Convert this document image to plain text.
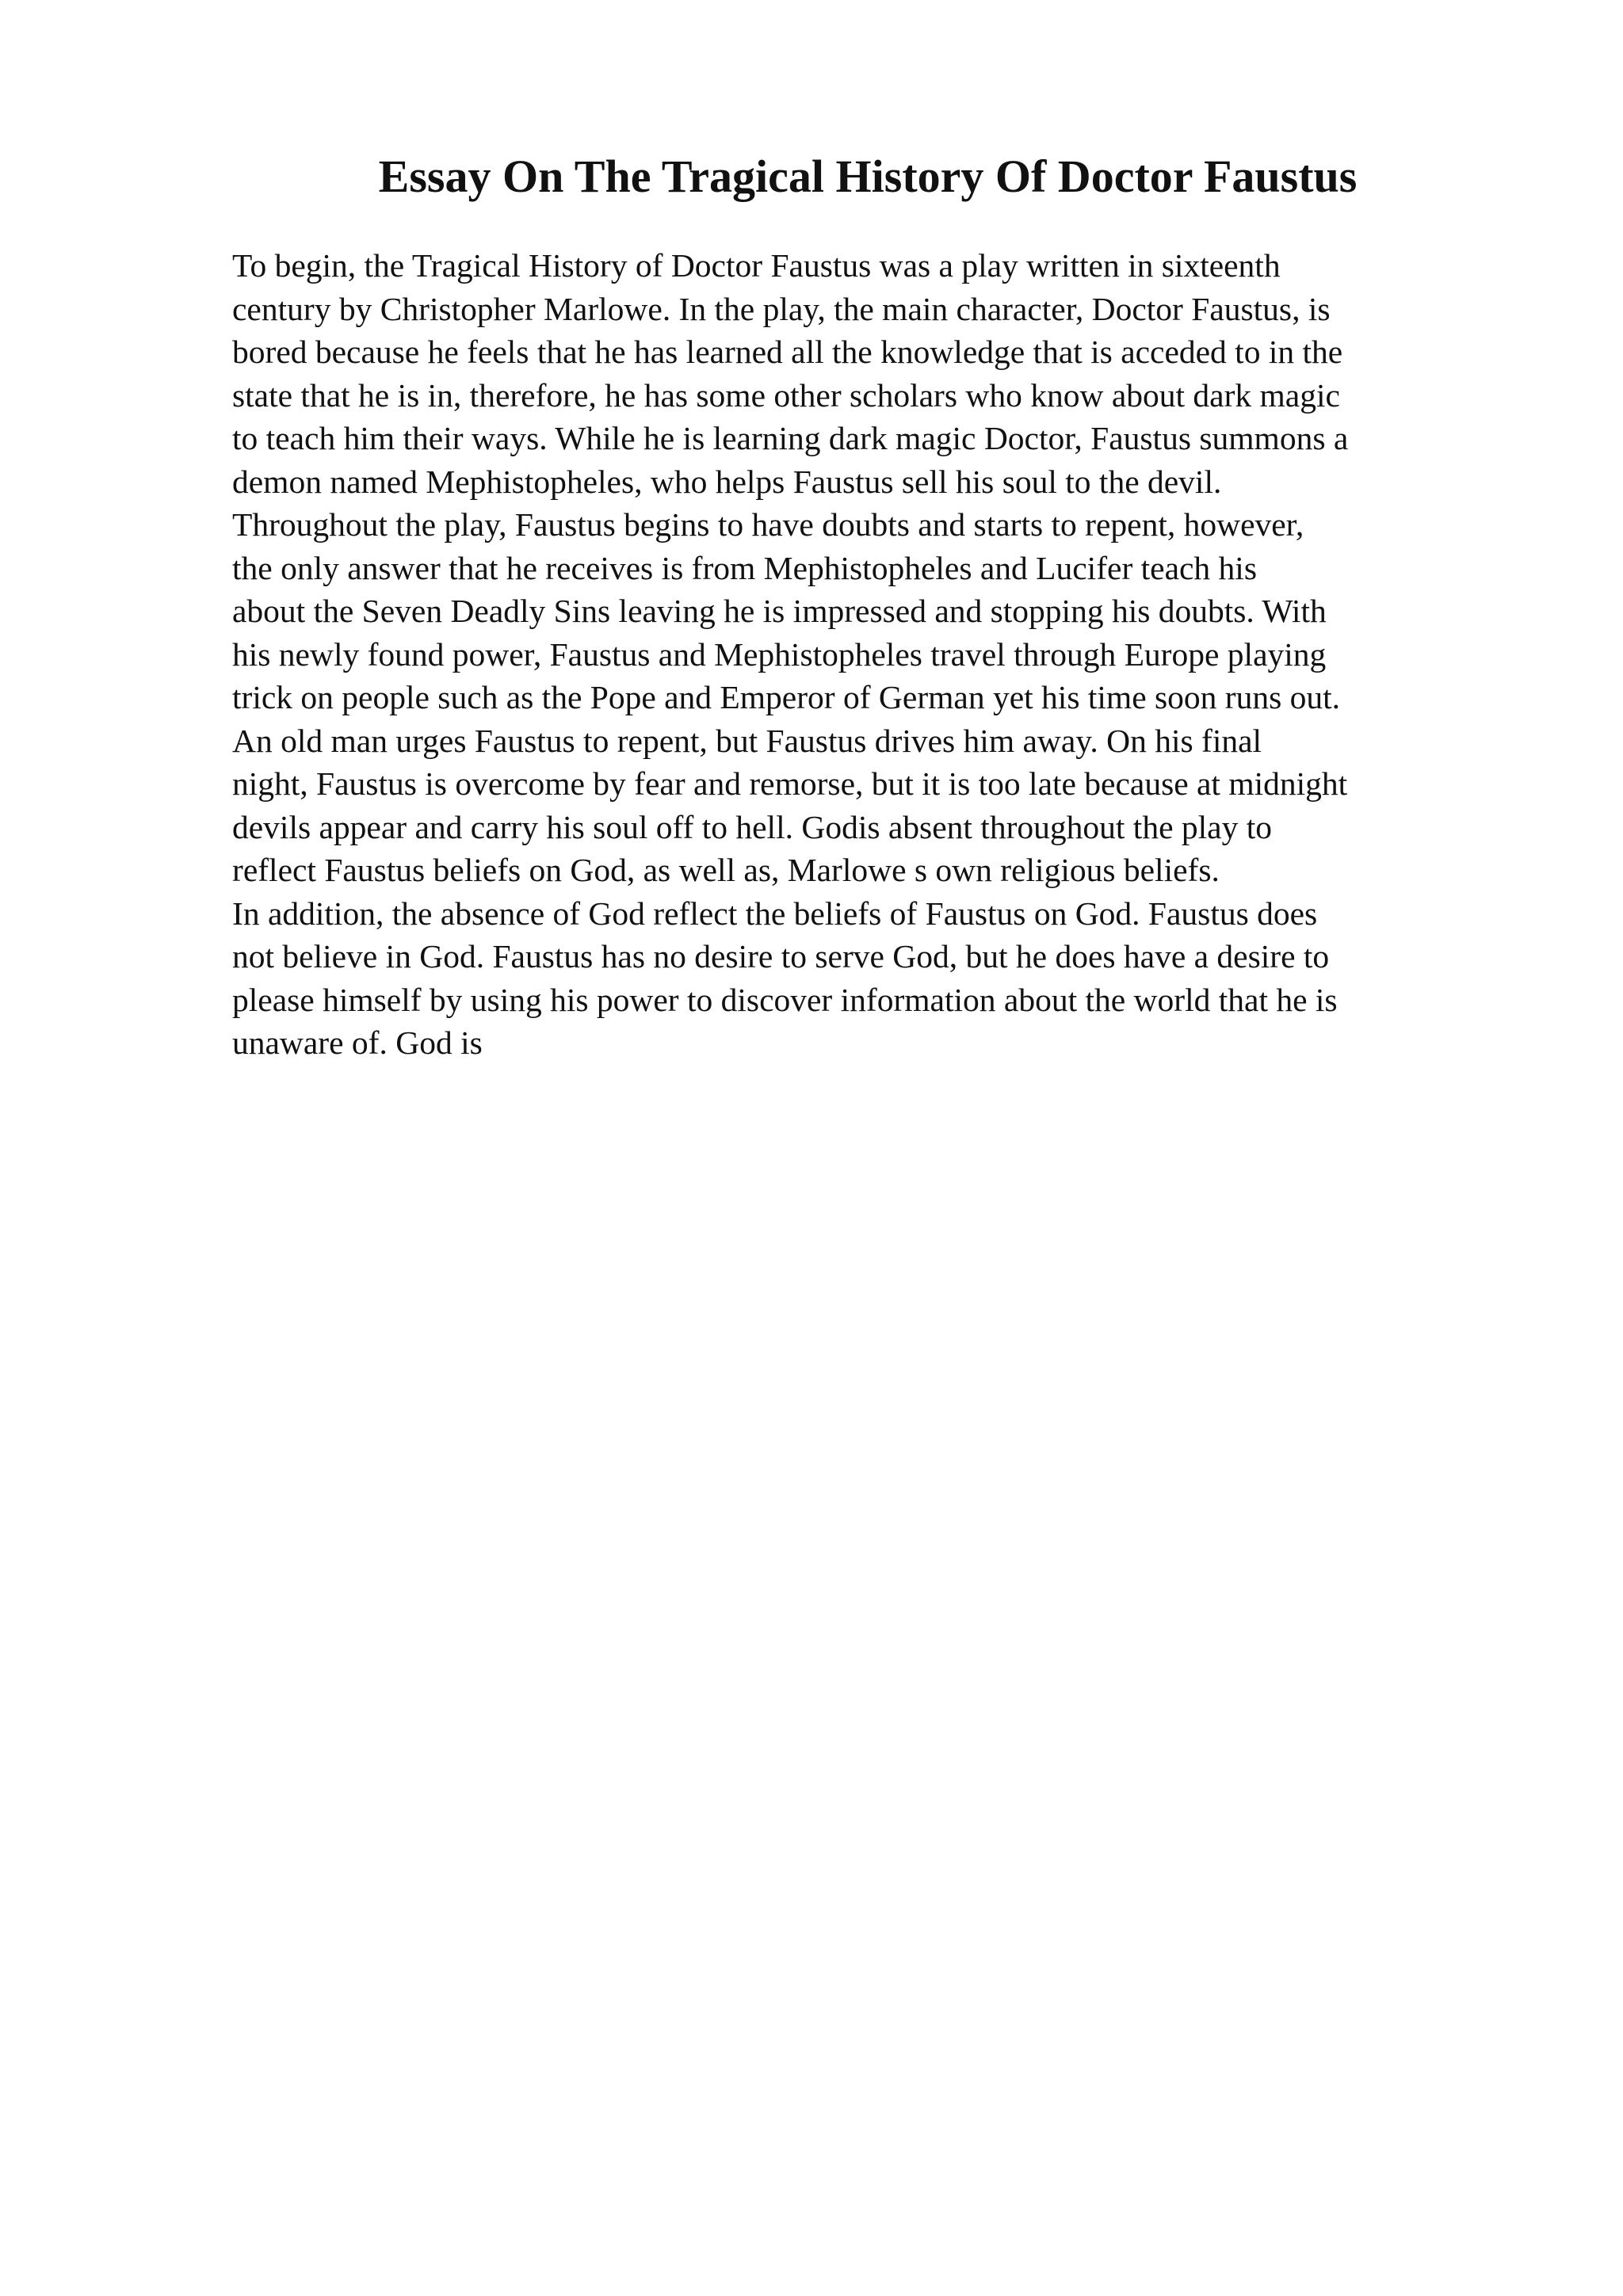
Essay On The Tragical History Of Doctor Faustus
To begin, the Tragical History of Doctor Faustus was a play written in sixteenth
century by Christopher Marlowe. In the play, the main character, Doctor Faustus, is
bored because he feels that he has learned all the knowledge that is acceded to in the
state that he is in, therefore, he has some other scholars who know about dark magic
to teach him their ways. While he is learning dark magic Doctor, Faustus summons a
demon named Mephistopheles, who helps Faustus sell his soul to the devil.
Throughout the play, Faustus begins to have doubts and starts to repent, however,
the only answer that he receives is from Mephistopheles and Lucifer teach his
about the Seven Deadly Sins leaving he is impressed and stopping his doubts. With
his newly found power, Faustus and Mephistopheles travel through Europe playing
trick on people such as the Pope and Emperor of German yet his time soon runs out.
An old man urges Faustus to repent, but Faustus drives him away. On his final
night, Faustus is overcome by fear and remorse, but it is too late because at midnight
devils appear and carry his soul off to hell. Godis absent throughout the play to
reflect Faustus beliefs on God, as well as, Marlowe s own religious beliefs.
In addition, the absence of God reflect the beliefs of Faustus on God. Faustus does
not believe in God. Faustus has no desire to serve God, but he does have a desire to
please himself by using his power to discover information about the world that he is
unaware of. God is
